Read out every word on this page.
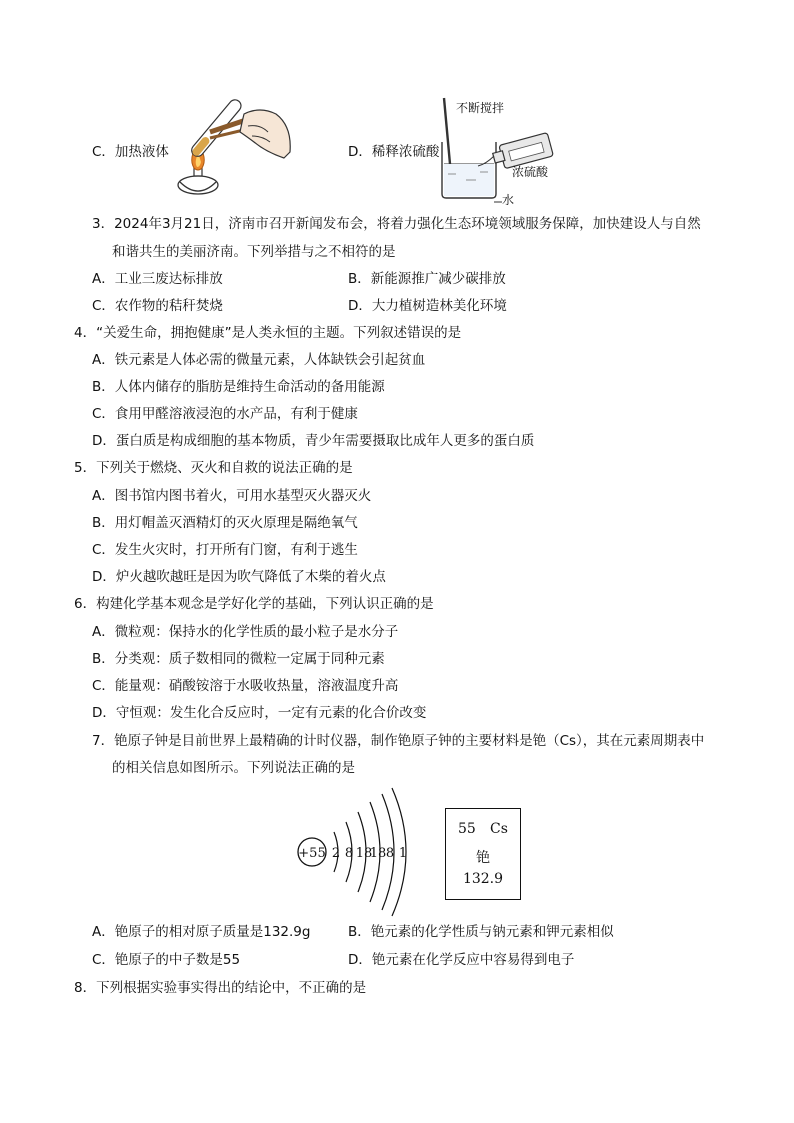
C．加热液体	D．稀释浓硫酸
不断搅拌
浓硫酸
水
3．2024年3月21日，济南市召开新闻发布会，将着力强化生态环境领域服务保障，加快建设人与自然
和谐共生的美丽济南。下列举措与之不相符的是
A．工业三废达标排放	B．新能源推广减少碳排放
C．农作物的秸秆焚烧	D．大力植树造林美化环境
4．“关爱生命，拥抱健康”是人类永恒的主题。下列叙述错误的是
A．铁元素是人体必需的微量元素，人体缺铁会引起贫血
B．人体内储存的脂肪是维持生命活动的备用能源
C．食用甲醛溶液浸泡的水产品，有利于健康
D．蛋白质是构成细胞的基本物质，青少年需要摄取比成年人更多的蛋白质
5．下列关于燃烧、灭火和自救的说法正确的是
A．图书馆内图书着火，可用水基型灭火器灭火
B．用灯帽盖灭酒精灯的灭火原理是隔绝氧气
C．发生火灾时，打开所有门窗，有利于逃生
D．炉火越吹越旺是因为吹气降低了木柴的着火点
6．构建化学基本观念是学好化学的基础，下列认识正确的是
A．微粒观：保持水的化学性质的最小粒子是水分子
B．分类观：质子数相同的微粒一定属于同种元素
C．能量观：硝酸铵溶于水吸收热量，溶液温度升高
D．守恒观：发生化合反应时，一定有元素的化合价改变
7．铯原子钟是目前世界上最精确的计时仪器，制作铯原子钟的主要材料是铯（Cs），其在元素周期表中
的相关信息如图所示。下列说法正确的是
+55 2 8 18
18 8 1
55 Cs
铯
132.9
A．铯原子的相对原子质量是132.9g	B．铯元素的化学性质与钠元素和钾元素相似
C．铯原子的中子数是55	D．铯元素在化学反应中容易得到电子
8．下列根据实验事实得出的结论中，不正确的是
